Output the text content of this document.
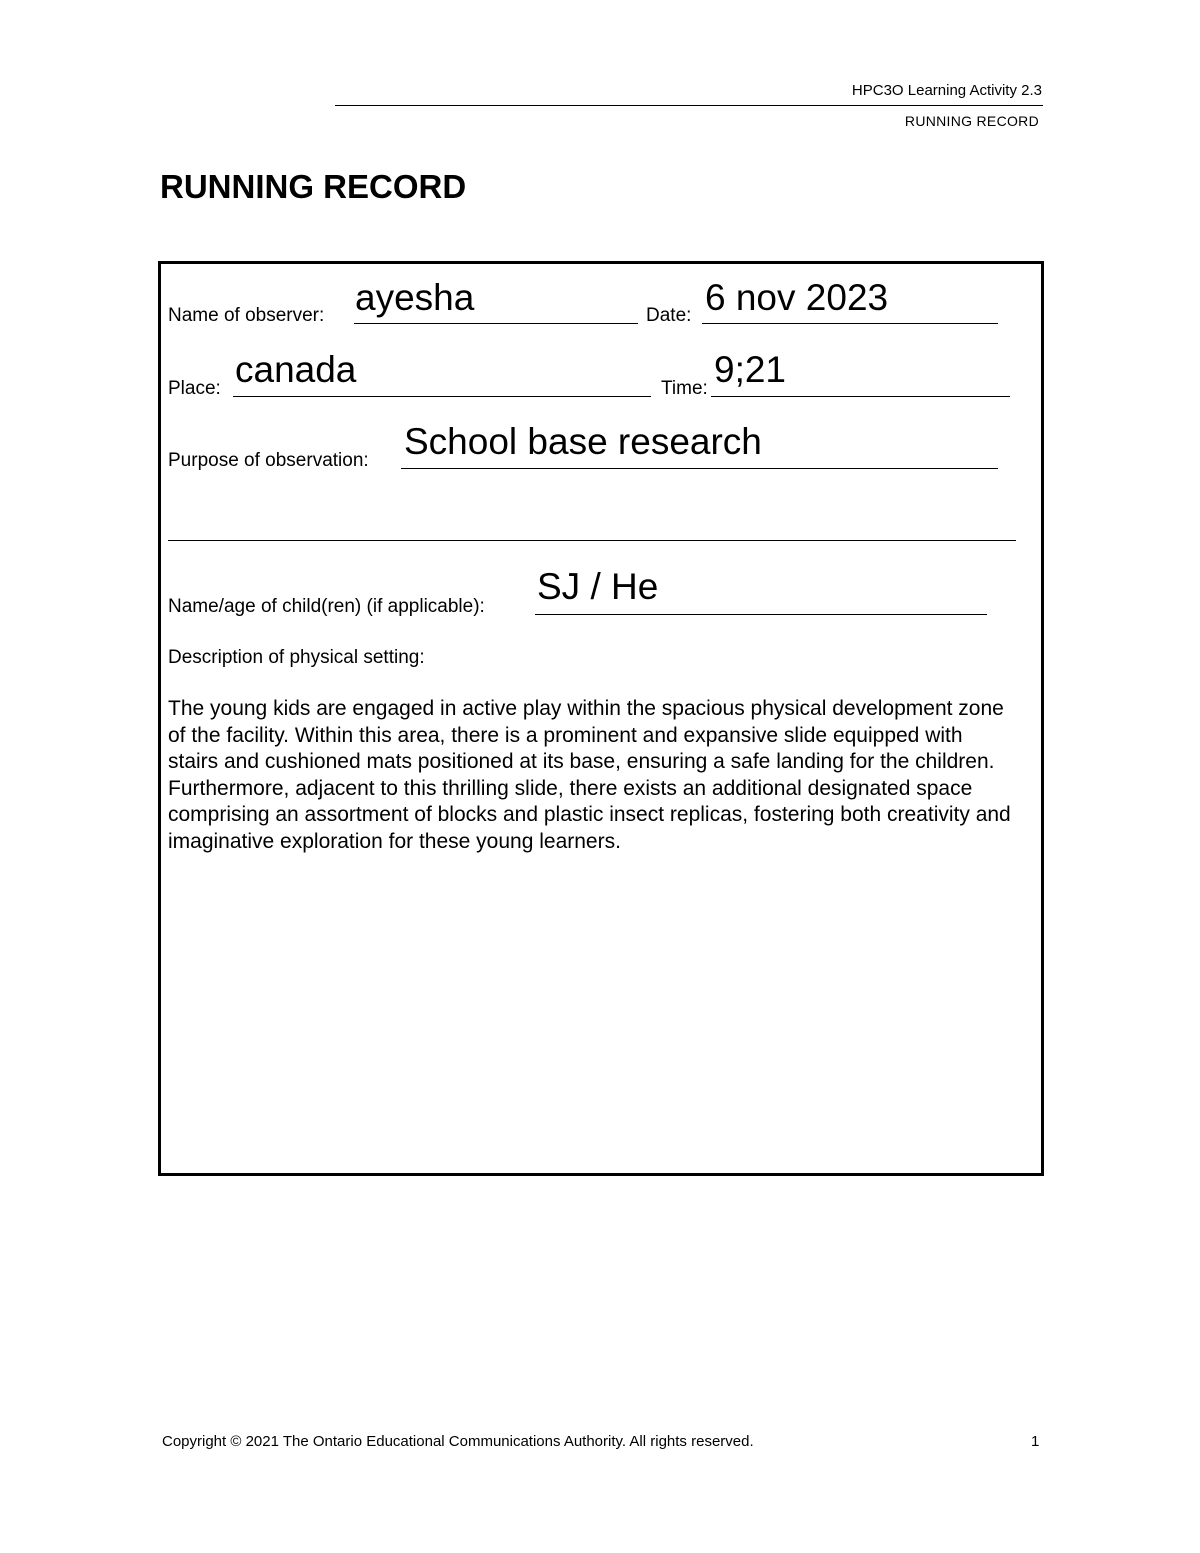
HPC3O Learning Activity 2.3
RUNNING RECORD
RUNNING RECORD
Name of observer: ayesha	Date: 6 nov 2023
Place: canada	Time: 9;21
Purpose of observation: School base research
Name/age of child(ren) (if applicable): SJ / He
Description of physical setting:
The young kids are engaged in active play within the spacious physical development zone of the facility. Within this area, there is a prominent and expansive slide equipped with stairs and cushioned mats positioned at its base, ensuring a safe landing for the children. Furthermore, adjacent to this thrilling slide, there exists an additional designated space comprising an assortment of blocks and plastic insect replicas, fostering both creativity and imaginative exploration for these young learners.
Copyright © 2021 The Ontario Educational Communications Authority. All rights reserved.	1
